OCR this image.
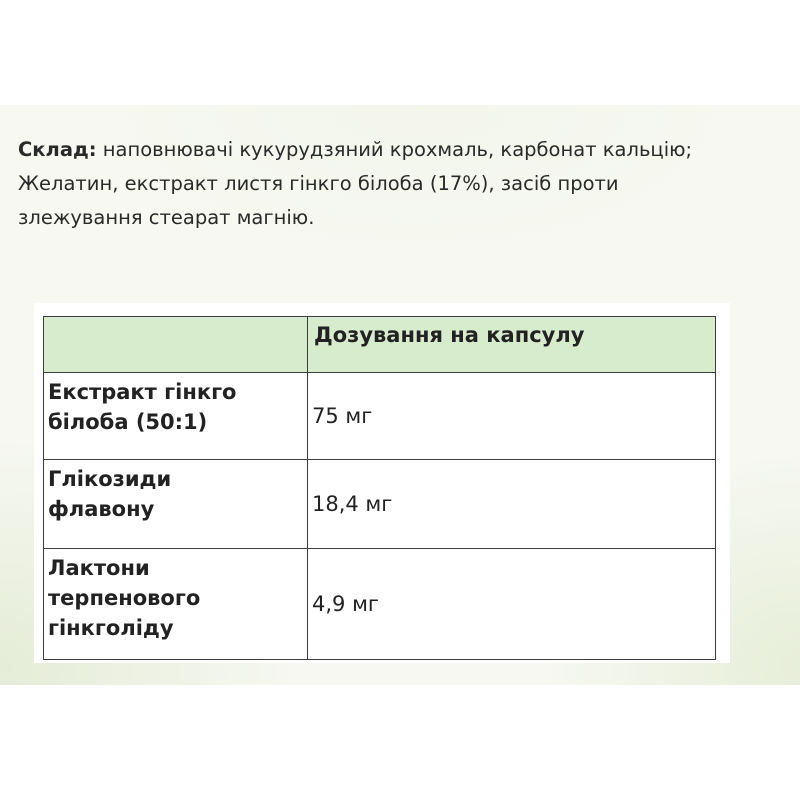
Склад: наповнювачі кукурудзяний крохмаль, карбонат кальцію;
Желатин, екстракт листя гінкго білоба (17%), засіб проти
злежування стеарат магнію.
	Дозування на капсулу

Екстракт гінкго
білоба (50:1)	75 мг

Глікозиди
флавону	18,4 мг

Лактони
терпенового
гінкголіду	4,9 мг
